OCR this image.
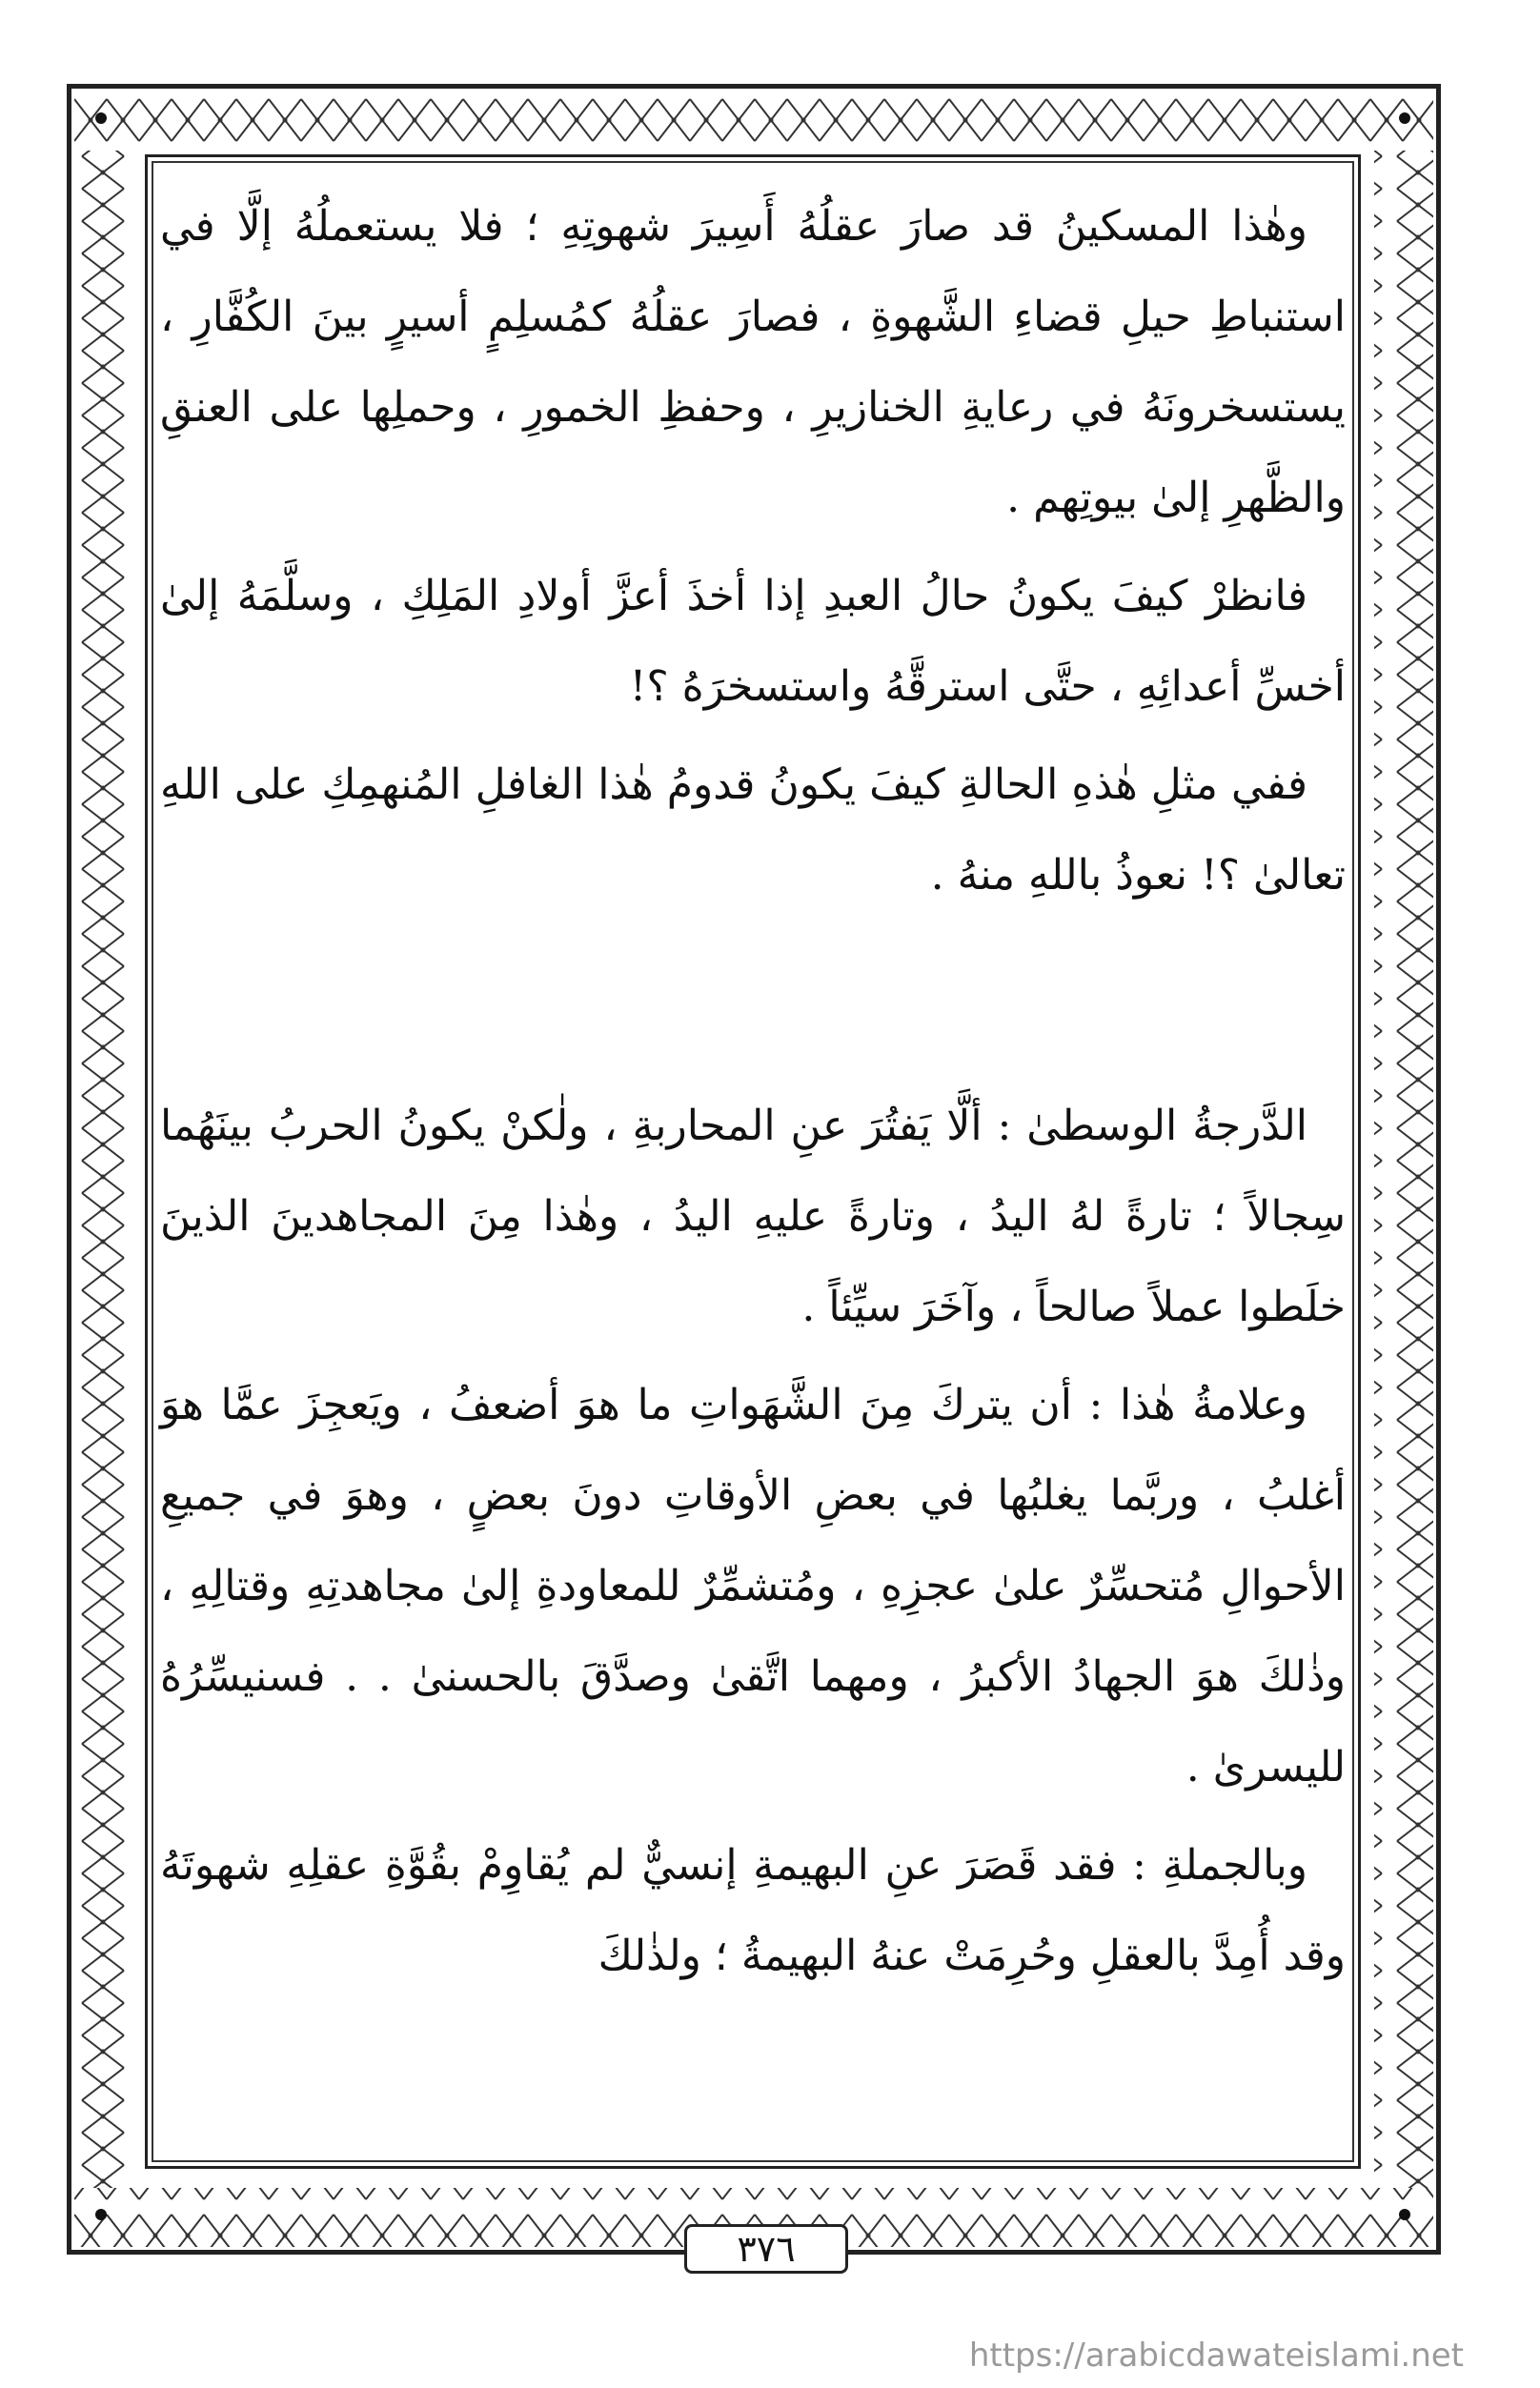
وهٰذا المسكينُ قد صارَ عقلُهُ أَسِيرَ شهوتِهِ ؛ فلا يستعملُهُ إلَّا في استنباطِ حيلِ قضاءِ الشَّهوةِ ، فصارَ عقلُهُ كمُسلِمٍ أسيرٍ بينَ الكُفَّارِ ، يستسخرونَهُ في رعايةِ الخنازيرِ ، وحفظِ الخمورِ ، وحملِها على العنقِ والظَّهرِ إلىٰ بيوتِهم .

فانظرْ كيفَ يكونُ حالُ العبدِ إذا أخذَ أعزَّ أولادِ المَلِكِ ، وسلَّمَهُ إلىٰ أخسِّ أعدائِهِ ، حتَّى استرقَّهُ واستسخرَهُ ؟!

ففي مثلِ هٰذهِ الحالةِ كيفَ يكونُ قدومُ هٰذا الغافلِ المُنهمِكِ على اللهِ تعالىٰ ؟! نعوذُ باللهِ منهُ .

الدَّرجةُ الوسطىٰ : ألَّا يَفتُرَ عنِ المحاربةِ ، ولٰكنْ يكونُ الحربُ بينَهُما سِجالاً ؛ تارةً لهُ اليدُ ، وتارةً عليهِ اليدُ ، وهٰذا مِنَ المجاهدينَ الذينَ خلَطوا عملاً صالحاً ، وآخَرَ سيِّئاً .

وعلامةُ هٰذا : أن يتركَ مِنَ الشَّهَواتِ ما هوَ أضعفُ ، ويَعجِزَ عمَّا هوَ أغلبُ ، وربَّما يغلبُها في بعضِ الأوقاتِ دونَ بعضٍ ، وهوَ في جميعِ الأحوالِ مُتحسِّرٌ علىٰ عجزِهِ ، ومُتشمِّرٌ للمعاودةِ إلىٰ مجاهدتِهِ وقتالِهِ ، وذٰلكَ هوَ الجهادُ الأكبرُ ، ومهما اتَّقىٰ وصدَّقَ بالحسنىٰ . . فسنيسِّرُهُ لليسرىٰ .

وبالجملةِ : فقد قَصَرَ عنِ البهيمةِ إنسيٌّ لم يُقاوِمْ بقُوَّةِ عقلِهِ شهوتَهُ وقد أُمِدَّ بالعقلِ وحُرِمَتْ عنهُ البهيمةُ ؛ ولذٰلكَ

٣٧٦
https://arabicdawateislami.net
